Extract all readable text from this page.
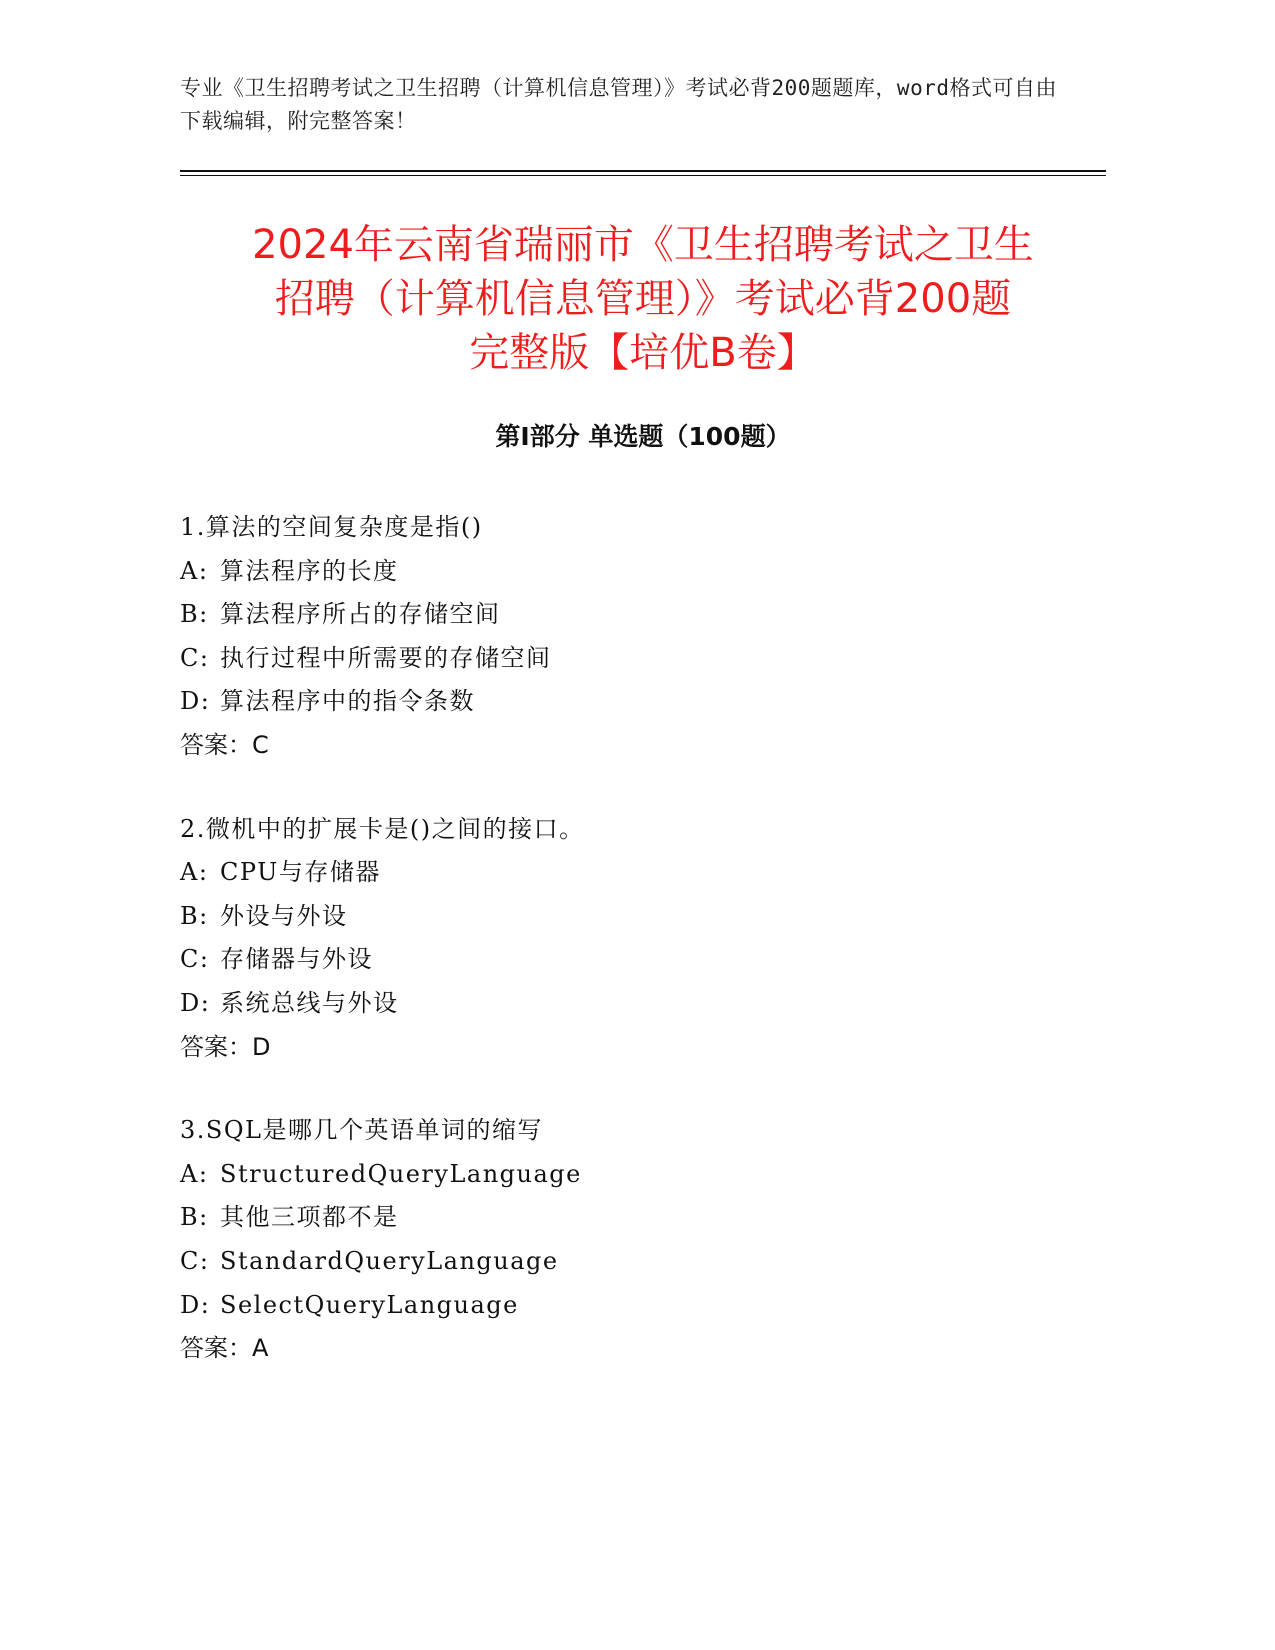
专业《卫生招聘考试之卫生招聘（计算机信息管理）》考试必背200题题库，word格式可自由下载编辑，附完整答案！
2024年云南省瑞丽市《卫生招聘考试之卫生
招聘（计算机信息管理）》考试必背200题
完整版【培优B卷】
第I部分 单选题（100题）
1.算法的空间复杂度是指()
A: 算法程序的长度
B: 算法程序所占的存储空间
C: 执行过程中所需要的存储空间
D: 算法程序中的指令条数
答案：C
2.微机中的扩展卡是()之间的接口。
A: CPU与存储器
B: 外设与外设
C: 存储器与外设
D: 系统总线与外设
答案：D
3.SQL是哪几个英语单词的缩写
A: StructuredQueryLanguage
B: 其他三项都不是
C: StandardQueryLanguage
D: SelectQueryLanguage
答案：A
